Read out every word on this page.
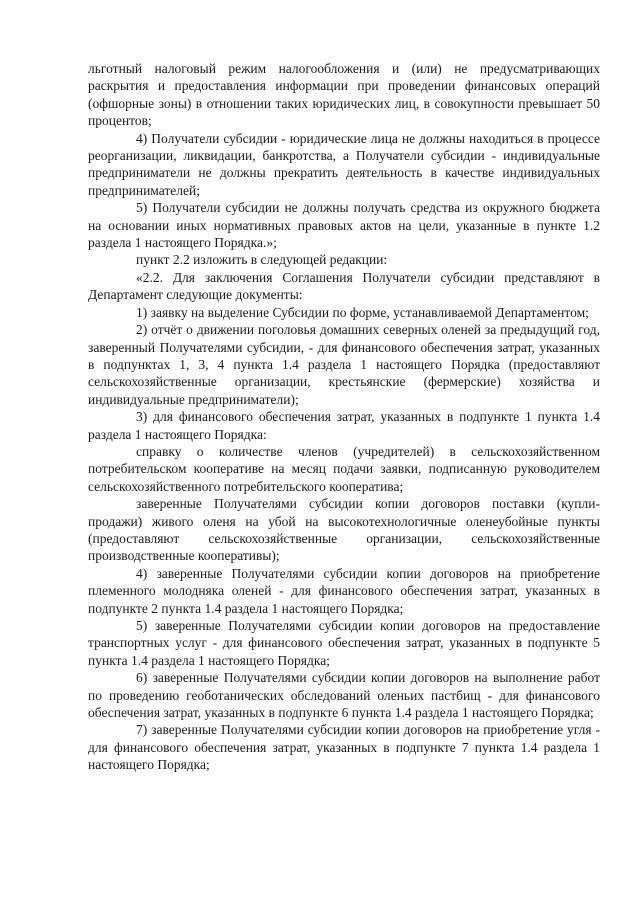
льготный налоговый режим налогообложения и (или) не предусматривающих раскрытия и предоставления информации при проведении финансовых операций (офшорные зоны) в отношении таких юридических лиц, в совокупности превышает 50 процентов;

4) Получатели субсидии - юридические лица не должны находиться в процессе реорганизации, ликвидации, банкротства, а Получатели субсидии - индивидуальные предприниматели не должны прекратить деятельность в качестве индивидуальных предпринимателей;

5) Получатели субсидии не должны получать средства из окружного бюджета на основании иных нормативных правовых актов на цели, указанные в пункте 1.2 раздела 1 настоящего Порядка.»;

пункт 2.2 изложить в следующей редакции:

«2.2. Для заключения Соглашения Получатели субсидии представляют в Департамент следующие документы:

1) заявку на выделение Субсидии по форме, устанавливаемой Департаментом;

2) отчёт о движении поголовья домашних северных оленей за предыдущий год, заверенный Получателями субсидии, - для финансового обеспечения затрат, указанных в подпунктах 1, 3, 4 пункта 1.4 раздела 1 настоящего Порядка (предоставляют сельскохозяйственные организации, крестьянские (фермерские) хозяйства и индивидуальные предприниматели);

3) для финансового обеспечения затрат, указанных в подпункте 1 пункта 1.4 раздела 1 настоящего Порядка:

справку о количестве членов (учредителей) в сельскохозяйственном потребительском кооперативе на месяц подачи заявки, подписанную руководителем сельскохозяйственного потребительского кооператива;

заверенные Получателями субсидии копии договоров поставки (купли-продажи) живого оленя на убой на высокотехнологичные оленеубойные пункты (предоставляют сельскохозяйственные организации, сельскохозяйственные производственные кооперативы);

4) заверенные Получателями субсидии копии договоров на приобретение племенного молодняка оленей - для финансового обеспечения затрат, указанных в подпункте 2 пункта 1.4 раздела 1 настоящего Порядка;

5) заверенные Получателями субсидии копии договоров на предоставление транспортных услуг - для финансового обеспечения затрат, указанных в подпункте 5 пункта 1.4 раздела 1 настоящего Порядка;

6) заверенные Получателями субсидии копии договоров на выполнение работ по проведению геоботанических обследований оленьих пастбищ - для финансового обеспечения затрат, указанных в подпункте 6 пункта 1.4 раздела 1 настоящего Порядка;

7) заверенные Получателями субсидии копии договоров на приобретение угля - для финансового обеспечения затрат, указанных в подпункте 7 пункта 1.4 раздела 1 настоящего Порядка;
